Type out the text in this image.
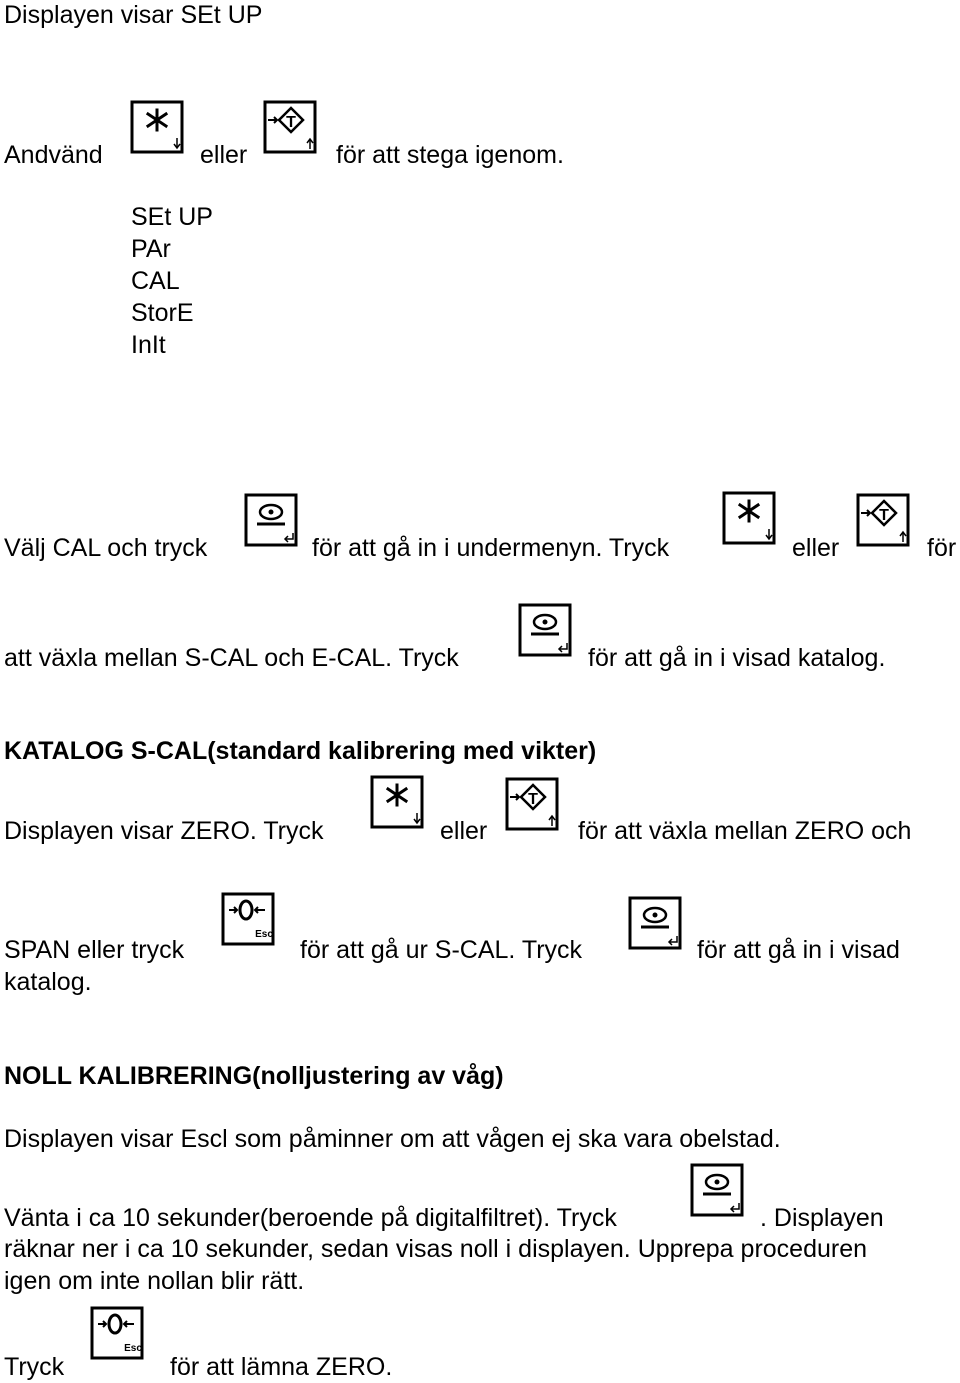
Displayen visar SEt UP
Andvänd	eller	för att stega igenom.
SEt UP
PAr
CAL
StorE
InIt
Välj CAL och tryck	för att gå in i undermenyn. Tryck	eller	för
att växla mellan S-CAL och E-CAL. Tryck	för att gå in i visad katalog.
KATALOG S-CAL(standard kalibrering med vikter)
Displayen visar ZERO. Tryck	eller	för att växla mellan ZERO och
SPAN eller tryck	för att gå ur S-CAL. Tryck	för att gå in i visad
katalog.
NOLL KALIBRERING(nolljustering av våg)
Displayen visar Escl som påminner om att vågen ej ska vara obelstad.
Vänta i ca 10 sekunder(beroende på digitalfiltret). Tryck	. Displayen
räknar ner i ca 10 sekunder, sedan visas noll i displayen. Upprepa proceduren
igen om inte nollan blir rätt.
Tryck	för att lämna ZERO.
